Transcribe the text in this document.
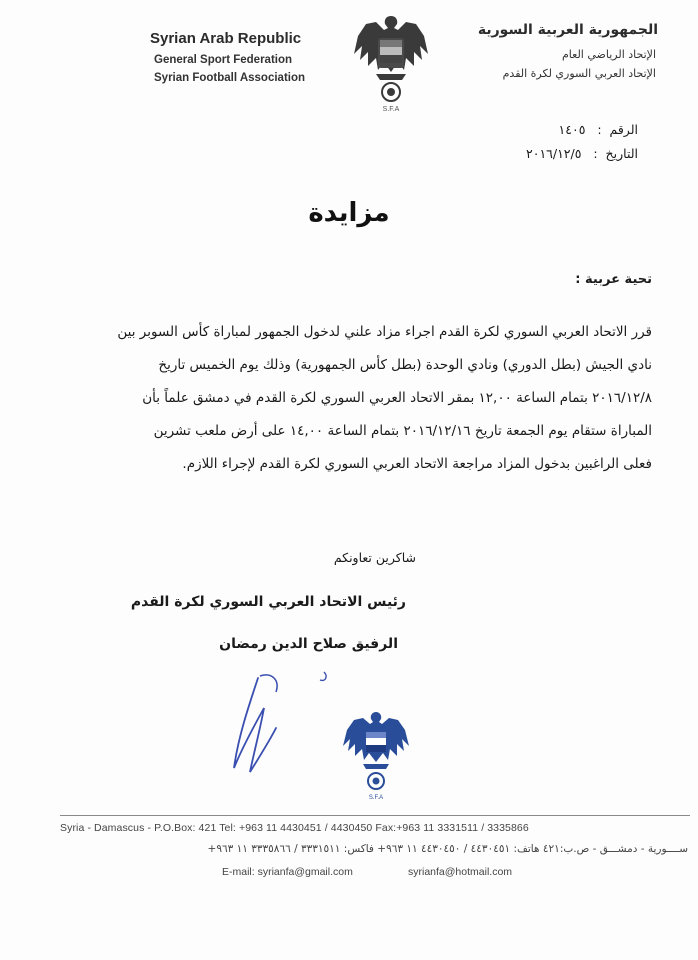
Syrian Arab Republic
General Sport Federation
Syrian Football Association
S.F.A
الجمهورية العربية السورية
الإتحاد الرياضي العام
الإتحاد العربي السوري لكرة القدم
الرقم  :   ١٤٠٥
التاريخ  :   ٢٠١٦/١٢/٥
مزايدة
تحية عربية :
قرر الاتحاد العربي السوري لكرة القدم اجراء مزاد علني لدخول الجمهور لمباراة كأس السوبر بين
نادي الجيش (بطل الدوري) ونادي الوحدة (بطل كأس الجمهورية) وذلك يوم الخميس تاريخ
٢٠١٦/١٢/٨ بتمام الساعة ١٢,٠٠ بمقر الاتحاد العربي السوري لكرة القدم في دمشق علماً بأن
المباراة ستقام يوم الجمعة تاريخ ٢٠١٦/١٢/١٦ بتمام الساعة ١٤,٠٠ على أرض ملعب تشرين
فعلى الراغبين بدخول المزاد مراجعة الاتحاد العربي السوري لكرة القدم لإجراء اللازم.
شاكرين تعاونكم
رئيس الاتحاد العربي السوري لكرة القدم
الرفيق صلاح الدين رمضان
S.F.A
Syria - Damascus - P.O.Box: 421 Tel: +963 11 4430451 / 4430450 Fax:+963 11 3331511 / 3335866
ســــورية - دمشـــق - ص.ب:٤٢١ هاتف: ٤٤٣٠٤٥١ / ٤٤٣٠٤٥٠ ١١ ٩٦٣+ فاكس: ٣٣٣١٥١١ / ٣٣٣٥٨٦٦ ١١ ٩٦٣+
E-mail: syrianfa@gmail.com	syrianfa@hotmail.com
